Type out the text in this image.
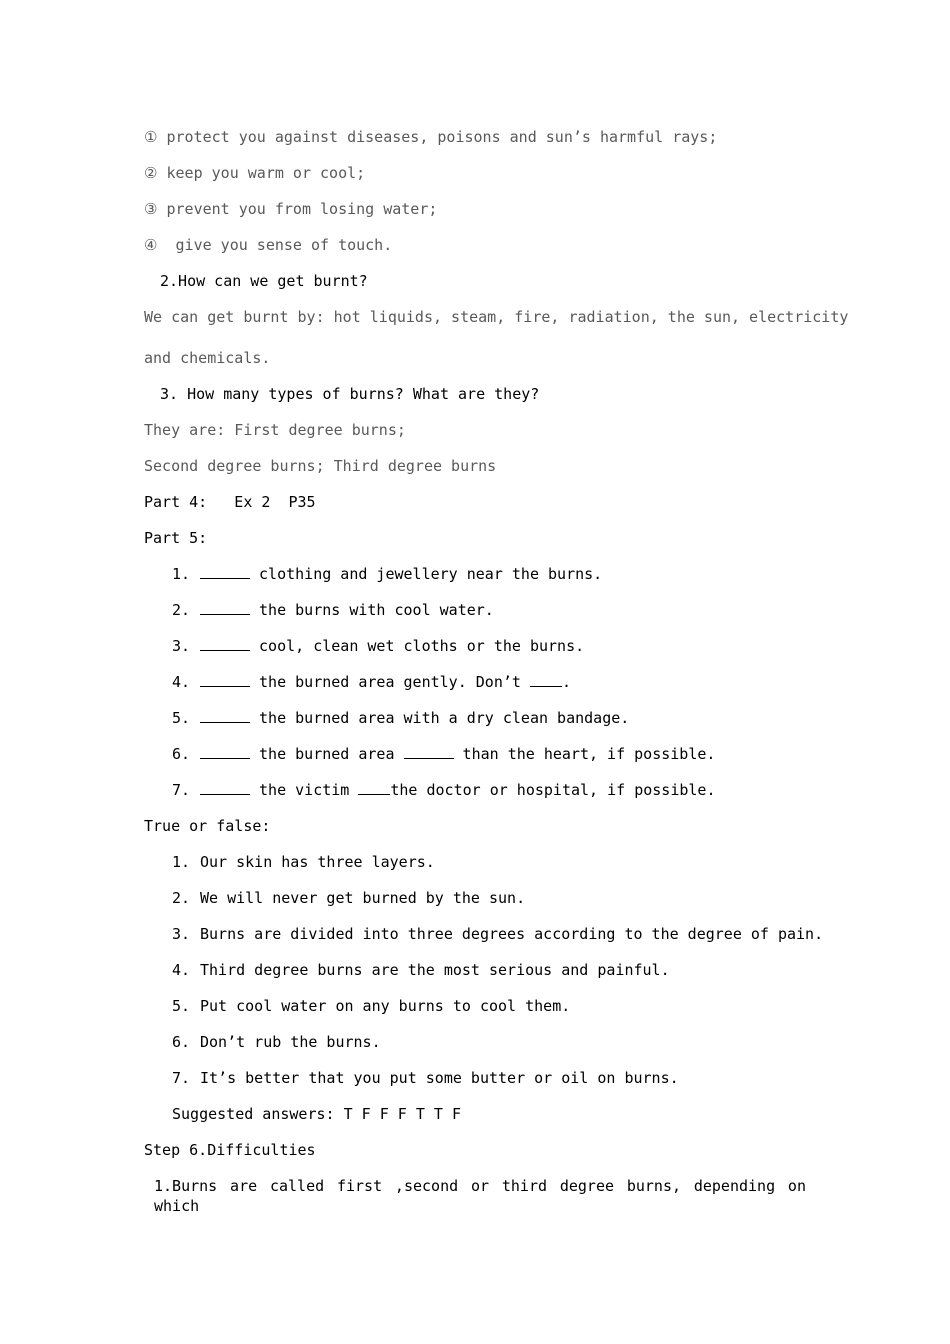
① protect you against diseases, poisons and sun’s harmful rays;
② keep you warm or cool;
③ prevent you from losing water;
④  give you sense of touch.
2.How can we get burnt?
We can get burnt by: hot liquids, steam, fire, radiation, the sun, electricity
and chemicals.
3. How many types of burns? What are they?
They are: First degree burns;
Second degree burns; Third degree burns
Part 4:   Ex 2  P35
Part 5:
1.	clothing and jewellery near the burns.
2.	the burns with cool water.
3.	cool, clean wet cloths or the burns.
4.	the burned area gently. Don’t .
5.	the burned area with a dry clean bandage.
6.	the burned area	than the heart, if possible.
7.	the victim the doctor or hospital, if possible.
True or false:
1. Our skin has three layers.
2. We will never get burned by the sun.
3. Burns are divided into three degrees according to the degree of pain.
4. Third degree burns are the most serious and painful.
5. Put cool water on any burns to cool them.
6. Don’t rub the burns.
7. It’s better that you put some butter or oil on burns.
Suggested answers: T F F F T T F
Step 6.Difficulties
1.Burns are called first ,second or third degree burns, depending on which
